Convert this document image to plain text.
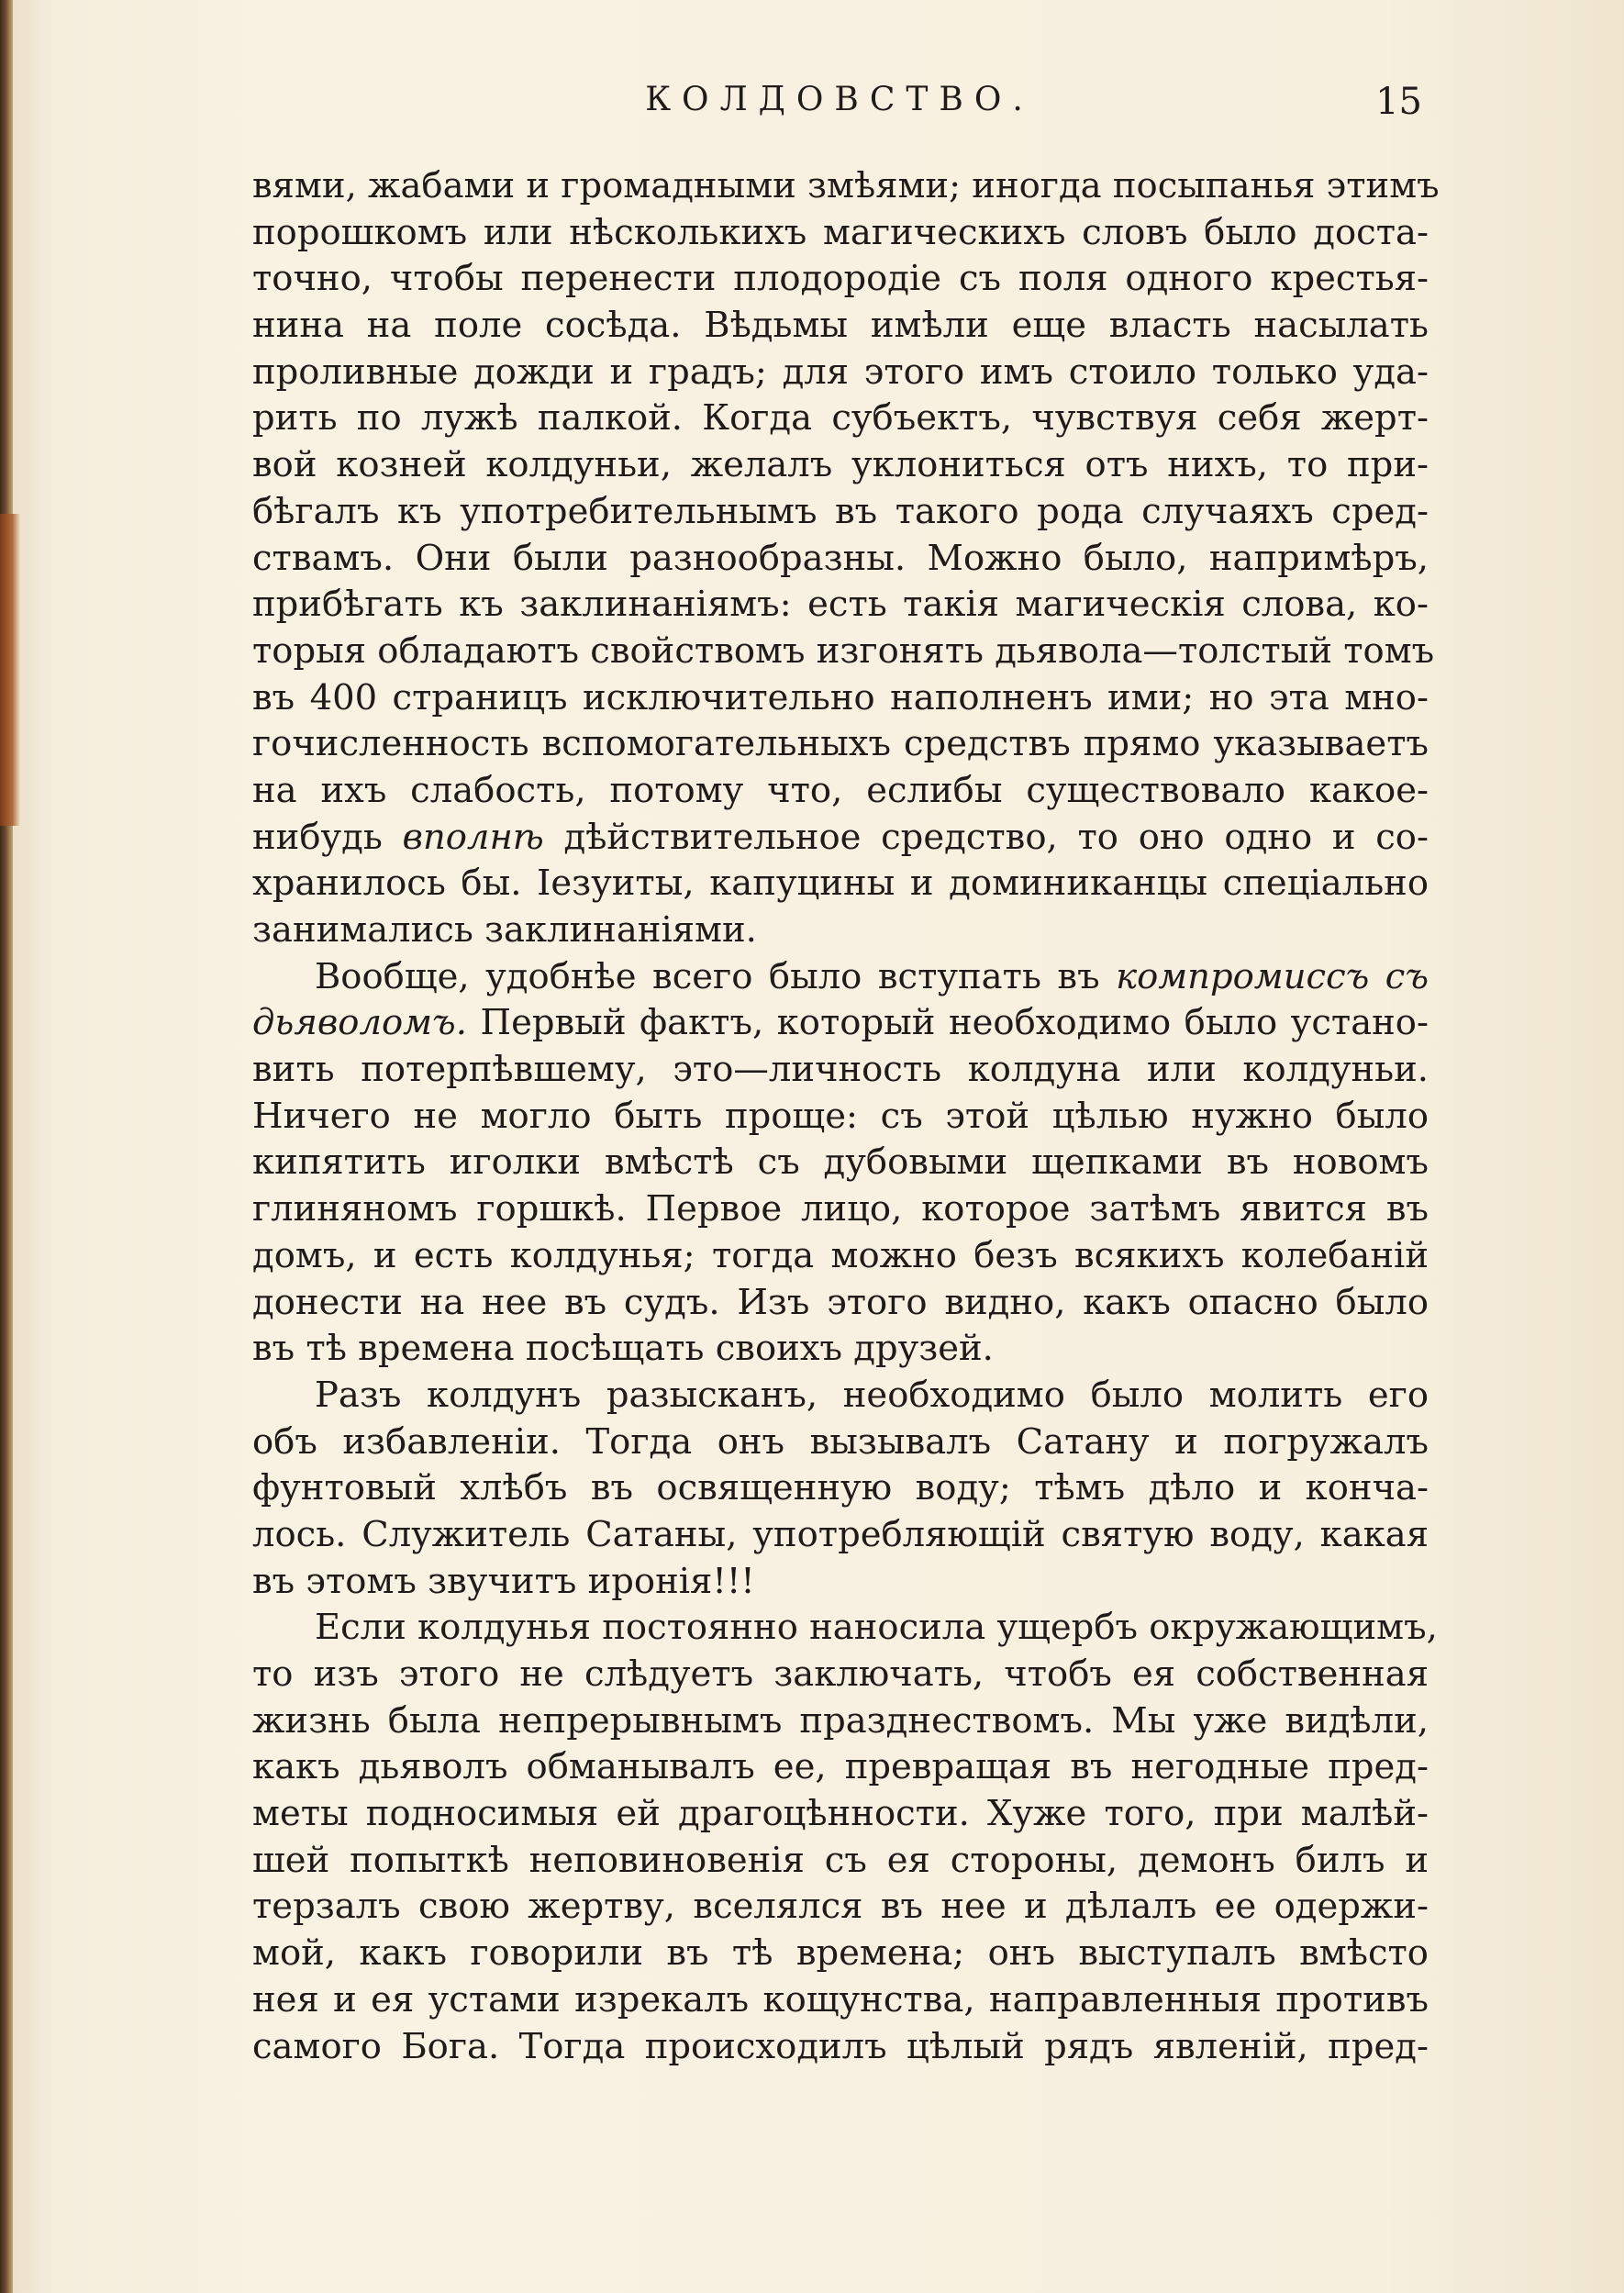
КОЛДОВСТВО.	15
вями, жабами и громадными змѣями; иногда посыпанья этимъ
порошкомъ или нѣсколькихъ магическихъ словъ было доста-
точно, чтобы перенести плодородіе съ поля одного крестья-
нина на поле сосѣда. Вѣдьмы имѣли еще власть насылать
проливные дожди и градъ; для этого имъ стоило только уда-
рить по лужѣ палкой. Когда субъектъ, чувствуя себя жерт-
вой козней колдуньи, желалъ уклониться отъ нихъ, то при-
бѣгалъ къ употребительнымъ въ такого рода случаяхъ сред-
ствамъ. Они были разнообразны. Можно было, напримѣръ,
прибѣгать къ заклинаніямъ: есть такія магическія слова, ко-
торыя обладаютъ свойствомъ изгонять дьявола—толстый томъ
въ 400 страницъ исключительно наполненъ ими; но эта мно-
гочисленность вспомогательныхъ средствъ прямо указываетъ
на ихъ слабость, потому что, еслибы существовало какое-
нибудь вполнѣ дѣйствительное средство, то оно одно и со-
хранилось бы. Іезуиты, капуцины и доминиканцы спеціально
занимались заклинаніями.
Вообще, удобнѣе всего было вступать въ компромиссъ съ
дьяволомъ. Первый фактъ, который необходимо было устано-
вить потерпѣвшему, это—личность колдуна или колдуньи.
Ничего не могло быть проще: съ этой цѣлью нужно было
кипятить иголки вмѣстѣ съ дубовыми щепками въ новомъ
глиняномъ горшкѣ. Первое лицо, которое затѣмъ явится въ
домъ, и есть колдунья; тогда можно безъ всякихъ колебаній
донести на нее въ судъ. Изъ этого видно, какъ опасно было
въ тѣ времена посѣщать своихъ друзей.
Разъ колдунъ разысканъ, необходимо было молить его
объ избавленіи. Тогда онъ вызывалъ Сатану и погружалъ
фунтовый хлѣбъ въ освященную воду; тѣмъ дѣло и конча-
лось. Служитель Сатаны, употребляющій святую воду, какая
въ этомъ звучитъ иронія!!!
Если колдунья постоянно наносила ущербъ окружающимъ,
то изъ этого не слѣдуетъ заключать, чтобъ ея собственная
жизнь была непрерывнымъ празднествомъ. Мы уже видѣли,
какъ дьяволъ обманывалъ ее, превращая въ негодные пред-
меты подносимыя ей драгоцѣнности. Хуже того, при малѣй-
шей попыткѣ неповиновенія съ ея стороны, демонъ билъ и
терзалъ свою жертву, вселялся въ нее и дѣлалъ ее одержи-
мой, какъ говорили въ тѣ времена; онъ выступалъ вмѣсто
нея и ея устами изрекалъ кощунства, направленныя противъ
самого Бога. Тогда происходилъ цѣлый рядъ явленій, пред-
